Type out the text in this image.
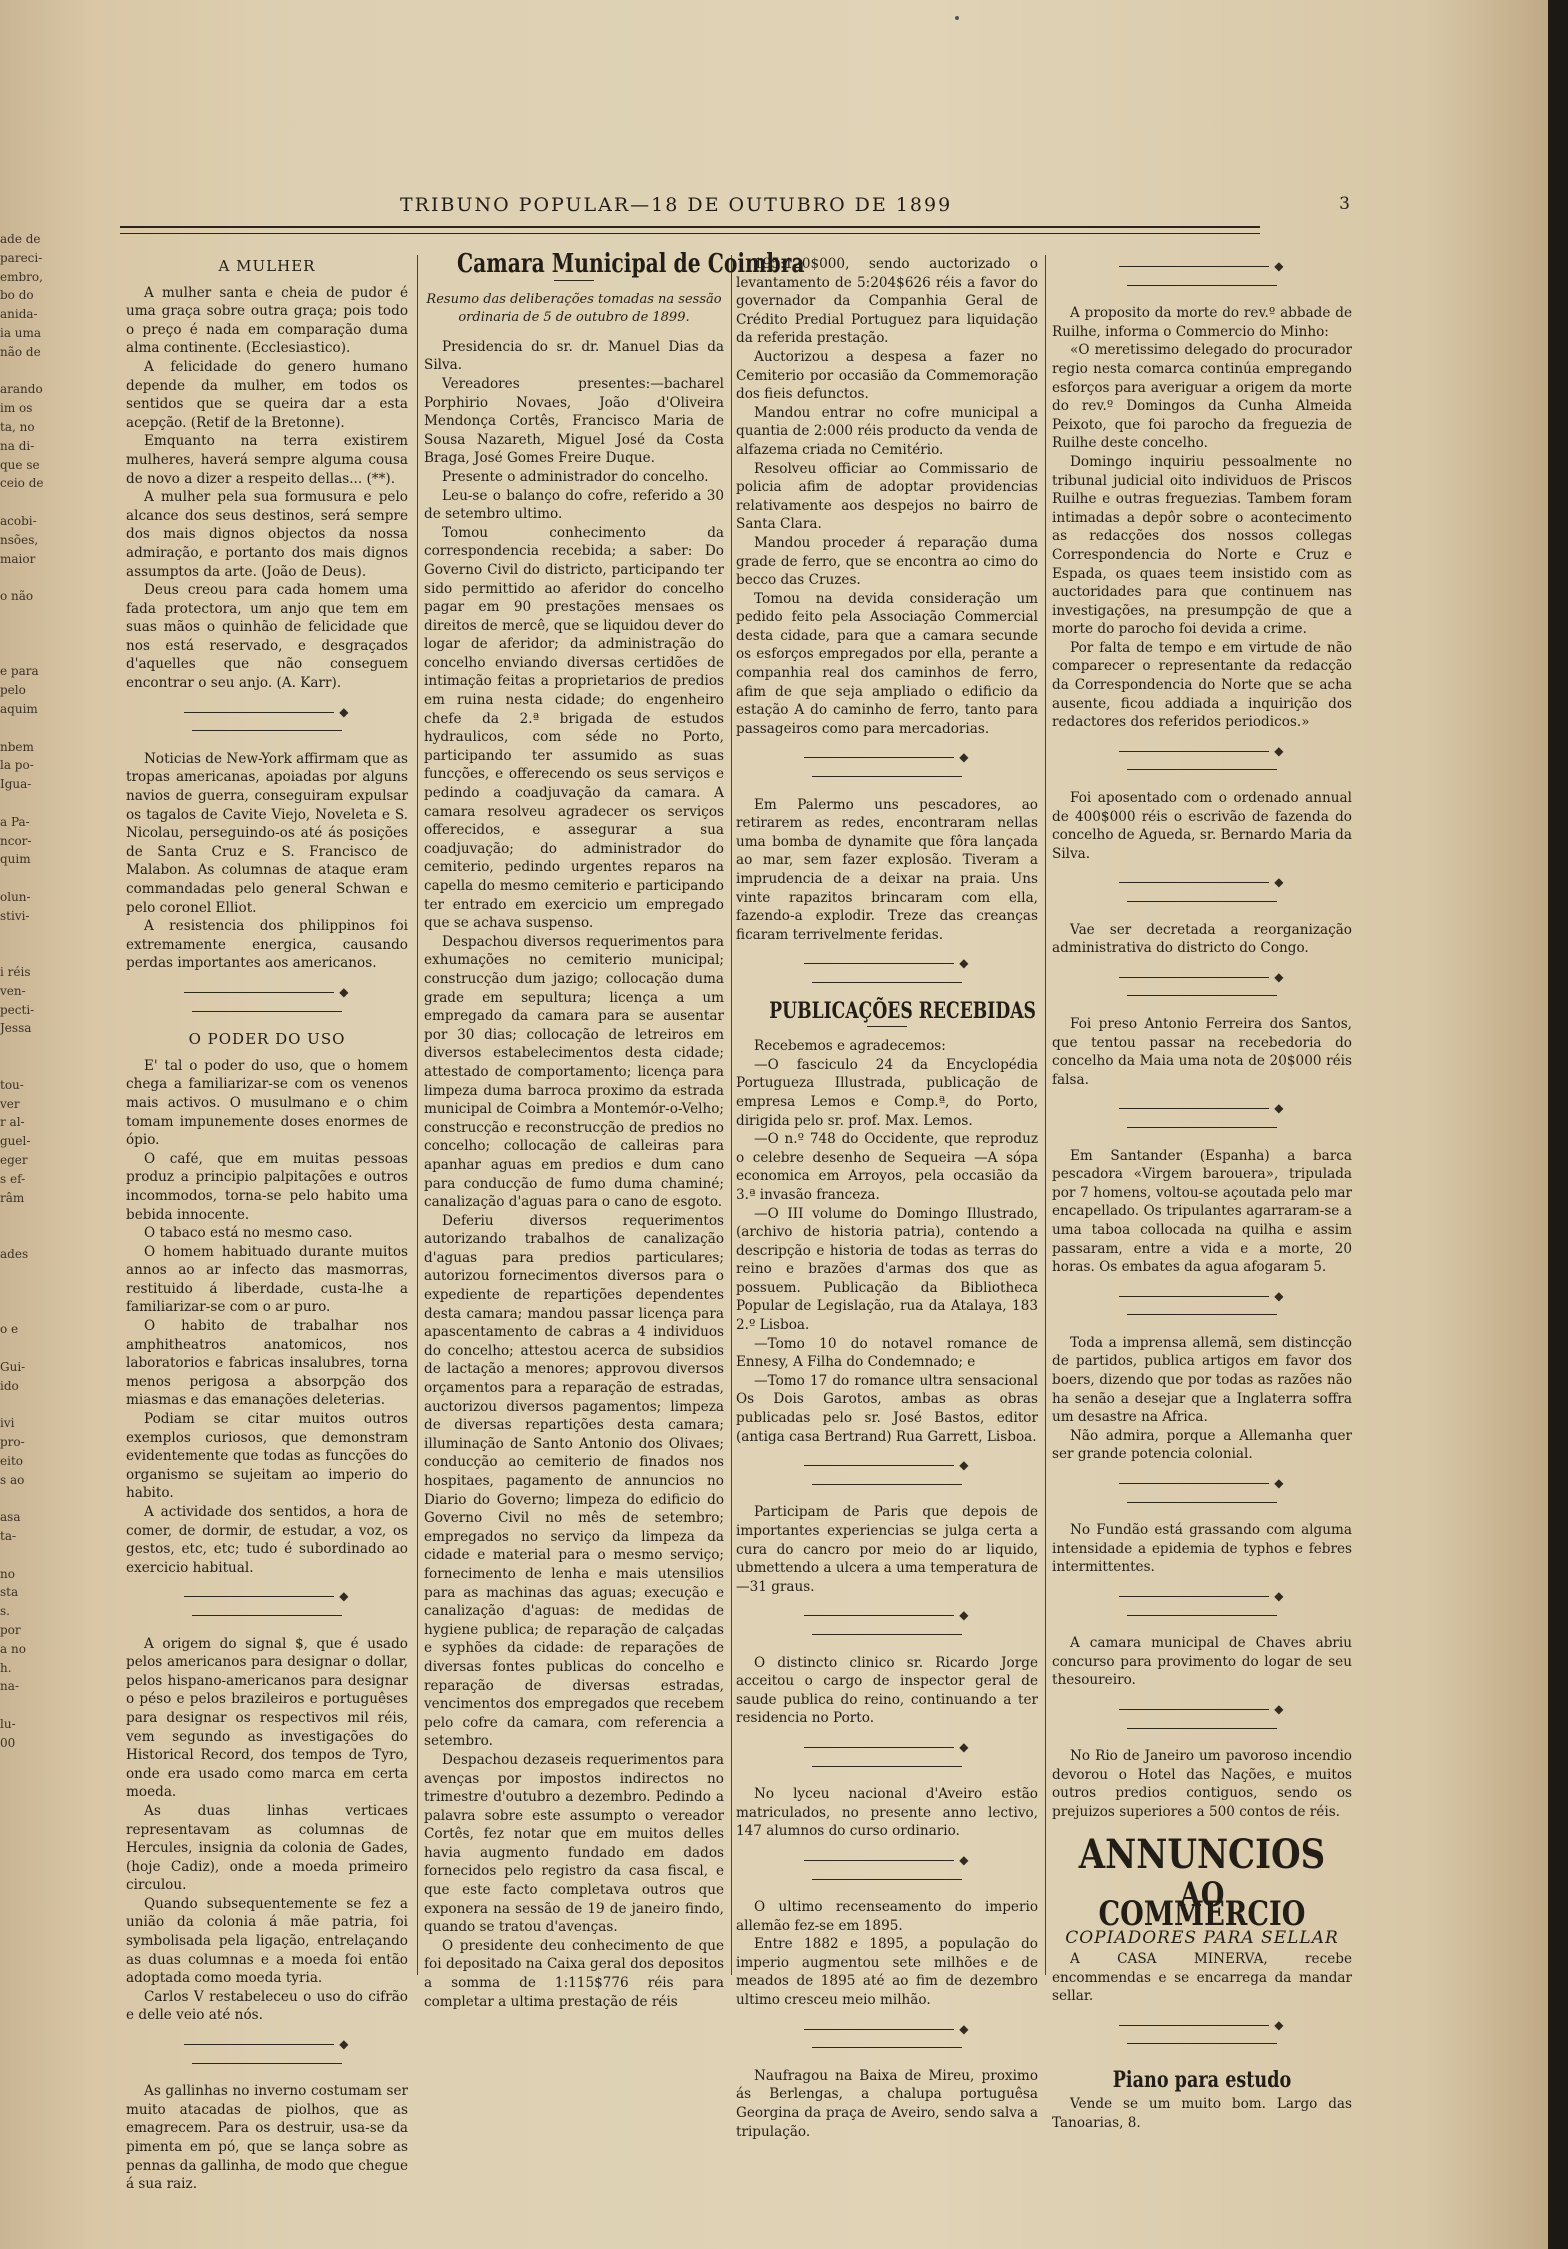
ade de
pareci-
embro,
bo do
anida-
ia uma
não de
arando
im os
ta, no
na di-
que se
ceio de
acobi-
nsões,
maior
o não
e para
pelo
aquim
nbem
la po-
Igua-
a Pa-
ncor-
quim
olun-
stivi-
i réis
ven-
pecti-
Jessa
tou-
ver
r al-
guel-
eger
s ef-
râm
ades
o e
Gui-
ido
ivi
pro-
eito
s ao
asa
ta-
no
sta
s.
por
a no
h.
na-
lu-
00
TRIBUNO POPULAR—18 DE OUTUBRO DE 1899	3
A MULHER

A mulher santa e cheia de pudor é uma graça sobre outra graça; pois todo o preço é nada em comparação duma alma continente. (Ecclesiastico).

A felicidade do genero humano depende da mulher, em todos os sentidos que se queira dar a esta acepção. (Retif de la Bretonne).

Emquanto na terra existirem mulheres, haverá sempre alguma cousa de novo a dizer a respeito dellas... (**).

A mulher pela sua formusura e pelo alcance dos seus destinos, será sempre dos mais dignos objectos da nossa admiração, e portanto dos mais dignos assumptos da arte. (João de Deus).

Deus creou para cada homem uma fada protectora, um anjo que tem em suas mãos o quinhão de felicidade que nos está reservado, e desgraçados d'aquelles que não conseguem encontrar o seu anjo. (A. Karr).

◆

Noticias de New-York affirmam que as tropas americanas, apoiadas por alguns navios de guerra, conseguiram expulsar os tagalos de Cavite Viejo, Noveleta e S. Nicolau, perseguindo-os até ás posições de Santa Cruz e S. Francisco de Malabon. As columnas de ataque eram commandadas pelo general Schwan e pelo coronel Elliot.

A resistencia dos philippinos foi extremamente energica, causando perdas importantes aos americanos.

◆
O PODER DO USO

E' tal o poder do uso, que o homem chega a familiarizar-se com os venenos mais activos. O musulmano e o chim tomam impunemente doses enormes de ópio.

O café, que em muitas pessoas produz a principio palpitações e outros incommodos, torna-se pelo habito uma bebida innocente.

O tabaco está no mesmo caso.

O homem habituado durante muitos annos ao ar infecto das masmorras, restituido á liberdade, custa-lhe a familiarizar-se com o ar puro.

O habito de trabalhar nos amphitheatros anatomicos, nos laboratorios e fabricas insalubres, torna menos perigosa a absorpção dos miasmas e das emanações deleterias.

Podiam se citar muitos outros exemplos curiosos, que demonstram evidentemente que todas as funcções do organismo se sujeitam ao imperio do habito.

A actividade dos sentidos, a hora de comer, de dormir, de estudar, a voz, os gestos, etc, etc; tudo é subordinado ao exercicio habitual.

◆

A origem do signal $, que é usado pelos americanos para designar o dollar, pelos hispano-americanos para designar o péso e pelos brazileiros e portuguêses para designar os respectivos mil réis, vem segundo as investigações do Historical Record, dos tempos de Tyro, onde era usado como marca em certa moeda.

As duas linhas verticaes representavam as columnas de Hercules, insignia da colonia de Gades, (hoje Cadiz), onde a moeda primeiro circulou.

Quando subsequentemente se fez a união da colonia á mãe patria, foi symbolisada pela ligação, entrelaçando as duas columnas e a moeda foi então adoptada como moeda tyria.

Carlos V restabeleceu o uso do cifrão e delle veio até nós.

◆

As gallinhas no inverno costumam ser muito atacadas de piolhos, que as emagrecem. Para os destruir, usa-se da pimenta em pó, que se lança sobre as pennas da gallinha, de modo que chegue á sua raiz.

Camara Municipal de Coimbra
Resumo das deliberações tomadas na sessão ordinaria de 5 de outubro de 1899.

Presidencia do sr. dr. Manuel Dias da Silva.

Vereadores presentes:—bacharel Porphirio Novaes, João d'Oliveira Mendonça Cortês, Francisco Maria de Sousa Nazareth, Miguel José da Costa Braga, José Gomes Freire Duque.

Presente o administrador do concelho.

Leu-se o balanço do cofre, referido a 30 de setembro ultimo.

Tomou conhecimento da correspondencia recebida; a saber: Do Governo Civil do districto, participando ter sido permittido ao aferidor do concelho pagar em 90 prestações mensaes os direitos de mercê, que se liquidou dever do logar de aferidor; da administração do concelho enviando diversas certidões de intimação feitas a proprietarios de predios em ruina nesta cidade; do engenheiro chefe da 2.ª brigada de estudos hydraulicos, com séde no Porto, participando ter assumido as suas funcções, e offerecendo os seus serviços e pedindo a coadjuvação da camara. A camara resolveu agradecer os serviços offerecidos, e assegurar a sua coadjuvação; do administrador do cemiterio, pedindo urgentes reparos na capella do mesmo cemiterio e participando ter entrado em exercicio um empregado que se achava suspenso.

Despachou diversos requerimentos para exhumações no cemiterio municipal; construcção dum jazigo; collocação duma grade em sepultura; licença a um empregado da camara para se ausentar por 30 dias; collocação de letreiros em diversos estabelecimentos desta cidade; attestado de comportamento; licença para limpeza duma barroca proximo da estrada municipal de Coimbra a Montemór-o-Velho; construcção e reconstrucção de predios no concelho; collocação de calleiras para apanhar aguas em predios e dum cano para conducção de fumo duma chaminé; canalização d'aguas para o cano de esgoto.

Deferiu diversos requerimentos autorizando trabalhos de canalização d'aguas para predios particulares; autorizou fornecimentos diversos para o expediente de repartições dependentes desta camara; mandou passar licença para apascentamento de cabras a 4 individuos do concelho; attestou acerca de subsidios de lactação a menores; approvou diversos orçamentos para a reparação de estradas, auctorizou diversos pagamentos; limpeza de diversas repartições desta camara; illuminação de Santo Antonio dos Olivaes; conducção ao cemiterio de finados nos hospitaes, pagamento de annuncios no Diario do Governo; limpeza do edificio do Governo Civil no mês de setembro; empregados no serviço da limpeza da cidade e material para o mesmo serviço; fornecimento de lenha e mais utensilios para as machinas das aguas; execução e canalização d'aguas: de medidas de hygiene publica; de reparação de calçadas e syphões da cidade: de reparações de diversas fontes publicas do concelho e reparação de diversas estradas, vencimentos dos empregados que recebem pelo cofre da camara, com referencia a setembro.

Despachou dezaseis requerimentos para avenças por impostos indirectos no trimestre d'outubro a dezembro. Pedindo a palavra sobre este assumpto o vereador Cortês, fez notar que em muitos delles havia augmento fundado em dados fornecidos pelo registro da casa fiscal, e que este facto completava outros que exponera na sessão de 19 de janeiro findo, quando se tratou d'avenças.

O presidente deu conhecimento de que foi depositado na Caixa geral dos depositos a somma de 1:115$776 réis para completar a ultima prestação de réis

195:120$000, sendo auctorizado o levantamento de 5:204$626 réis a favor do governador da Companhia Geral de Crédito Predial Portuguez para liquidação da referida prestação.

Auctorizou a despesa a fazer no Cemiterio por occasião da Commemoração dos fieis defunctos.

Mandou entrar no cofre municipal a quantia de 2:000 réis producto da venda de alfazema criada no Cemitério.

Resolveu officiar ao Commissario de policia afim de adoptar providencias relativamente aos despejos no bairro de Santa Clara.

Mandou proceder á reparação duma grade de ferro, que se encontra ao cimo do becco das Cruzes.

Tomou na devida consideração um pedido feito pela Associação Commercial desta cidade, para que a camara secunde os esforços empregados por ella, perante a companhia real dos caminhos de ferro, afim de que seja ampliado o edificio da estação A do caminho de ferro, tanto para passageiros como para mercadorias.

◆

Em Palermo uns pescadores, ao retirarem as redes, encontraram nellas uma bomba de dynamite que fôra lançada ao mar, sem fazer explosão. Tiveram a imprudencia de a deixar na praia. Uns vinte rapazitos brincaram com ella, fazendo-a explodir. Treze das creanças ficaram terrivelmente feridas.

◆
PUBLICAÇÕES RECEBIDAS

Recebemos e agradecemos:

—O fasciculo 24 da Encyclopédia Portugueza Illustrada, publicação de empresa Lemos e Comp.ª, do Porto, dirigida pelo sr. prof. Max. Lemos.

—O n.º 748 do Occidente, que reproduz o celebre desenho de Sequeira —A sópa economica em Arroyos, pela occasião da 3.ª invasão franceza.

—O III volume do Domingo Illustrado, (archivo de historia patria), contendo a descripção e historia de todas as terras do reino e brazões d'armas dos que as possuem. Publicação da Bibliotheca Popular de Legislação, rua da Atalaya, 183 2.º Lisboa.

—Tomo 10 do notavel romance de Ennesy, A Filha do Condemnado; e

—Tomo 17 do romance ultra sensacional Os Dois Garotos, ambas as obras publicadas pelo sr. José Bastos, editor (antiga casa Bertrand) Rua Garrett, Lisboa.

◆

Participam de Paris que depois de importantes experiencias se julga certa a cura do cancro por meio do ar liquido, ubmettendo a ulcera a uma temperatura de—31 graus.

◆

O distincto clinico sr. Ricardo Jorge acceitou o cargo de inspector geral de saude publica do reino, continuando a ter residencia no Porto.

◆

No lyceu nacional d'Aveiro estão matriculados, no presente anno lectivo, 147 alumnos do curso ordinario.

◆

O ultimo recenseamento do imperio allemão fez-se em 1895.

Entre 1882 e 1895, a população do imperio augmentou sete milhões e de meados de 1895 até ao fim de dezembro ultimo cresceu meio milhão.

◆

Naufragou na Baixa de Mireu, proximo ás Berlengas, a chalupa portuguêsa Georgina da praça de Aveiro, sendo salva a tripulação.

◆

A proposito da morte do rev.º abbade de Ruilhe, informa o Commercio do Minho:

«O meretissimo delegado do procurador regio nesta comarca continúa empregando esforços para averiguar a origem da morte do rev.º Domingos da Cunha Almeida Peixoto, que foi parocho da freguezia de Ruilhe deste concelho.

Domingo inquiriu pessoalmente no tribunal judicial oito individuos de Priscos Ruilhe e outras freguezias. Tambem foram intimadas a depôr sobre o acontecimento as redacções dos nossos collegas Correspondencia do Norte e Cruz e Espada, os quaes teem insistido com as auctoridades para que continuem nas investigações, na presumpção de que a morte do parocho foi devida a crime.

Por falta de tempo e em virtude de não comparecer o representante da redacção da Correspondencia do Norte que se acha ausente, ficou addiada a inquirição dos redactores dos referidos periodicos.»

◆

Foi aposentado com o ordenado annual de 400$000 réis o escrivão de fazenda do concelho de Agueda, sr. Bernardo Maria da Silva.

◆

Vae ser decretada a reorganização administrativa do districto do Congo.

◆

Foi preso Antonio Ferreira dos Santos, que tentou passar na recebedoria do concelho da Maia uma nota de 20$000 réis falsa.

◆

Em Santander (Espanha) a barca pescadora «Virgem barouera», tripulada por 7 homens, voltou-se açoutada pelo mar encapellado. Os tripulantes agarraram-se a uma taboa collocada na quilha e assim passaram, entre a vida e a morte, 20 horas. Os embates da agua afogaram 5.

◆

Toda a imprensa allemã, sem distincção de partidos, publica artigos em favor dos boers, dizendo que por todas as razões não ha senão a desejar que a Inglaterra soffra um desastre na Africa.

Não admira, porque a Allemanha quer ser grande potencia colonial.

◆

No Fundão está grassando com alguma intensidade a epidemia de typhos e febres intermittentes.

◆

A camara municipal de Chaves abriu concurso para provimento do logar de seu thesoureiro.

◆

No Rio de Janeiro um pavoroso incendio devorou o Hotel das Nações, e muitos outros predios contiguos, sendo os prejuizos superiores a 500 contos de réis.

ANNUNCIOS
AO COMMERCIO
COPIADORES PARA SELLAR

A CASA MINERVA, recebe encommendas e se encarrega da mandar sellar.

◆
Piano para estudo

Vende se um muito bom. Largo das Tanoarias, 8.
